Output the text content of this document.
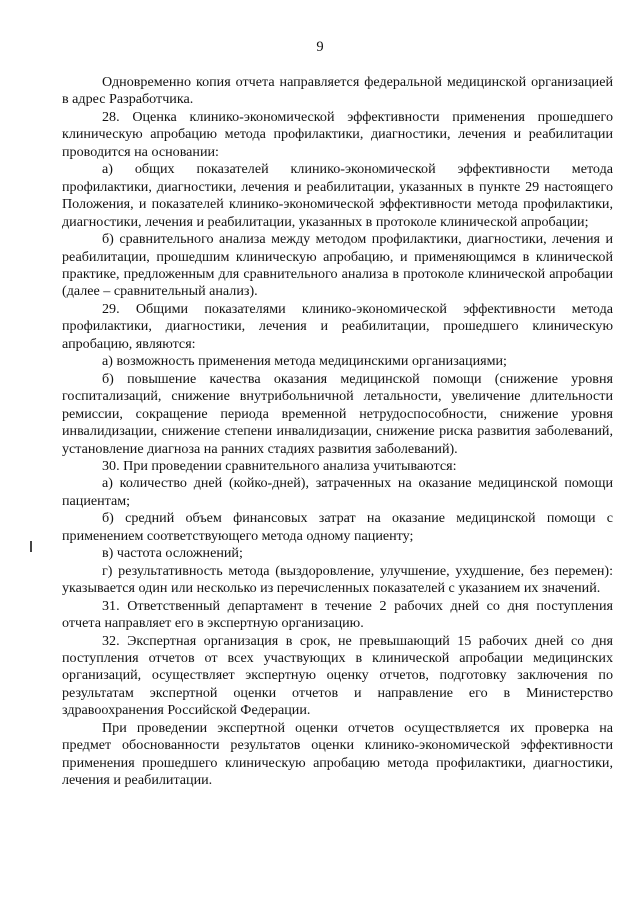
9

Одновременно копия отчета направляется федеральной медицинской организацией в адрес Разработчика.

28. Оценка клинико-экономической эффективности применения прошедшего клиническую апробацию метода профилактики, диагностики, лечения и реабилитации проводится на основании:

а) общих показателей клинико-экономической эффективности метода профилактики, диагностики, лечения и реабилитации, указанных в пункте 29 настоящего Положения, и показателей клинико-экономической эффективности метода профилактики, диагностики, лечения и реабилитации, указанных в протоколе клинической апробации;

б) сравнительного анализа между методом профилактики, диагностики, лечения и реабилитации, прошедшим клиническую апробацию, и применяющимся в клинической практике, предложенным для сравнительного анализа в протоколе клинической апробации (далее – сравнительный анализ).

29. Общими показателями клинико-экономической эффективности метода профилактики, диагностики, лечения и реабилитации, прошедшего клиническую апробацию, являются:

а) возможность применения метода медицинскими организациями;

б) повышение качества оказания медицинской помощи (снижение уровня госпитализаций, снижение внутрибольничной летальности, увеличение длительности ремиссии, сокращение периода временной нетрудоспособности, снижение уровня инвалидизации, снижение степени инвалидизации, снижение риска развития заболеваний, установление диагноза на ранних стадиях развития заболеваний).

30. При проведении сравнительного анализа учитываются:

а) количество дней (койко-дней), затраченных на оказание медицинской помощи пациентам;

б) средний объем финансовых затрат на оказание медицинской помощи с применением соответствующего метода одному пациенту;

в) частота осложнений;

г) результативность метода (выздоровление, улучшение, ухудшение, без перемен): указывается один или несколько из перечисленных показателей с указанием их значений.

31. Ответственный департамент в течение 2 рабочих дней со дня поступления отчета направляет его в экспертную организацию.

32. Экспертная организация в срок, не превышающий 15 рабочих дней со дня поступления отчетов от всех участвующих в клинической апробации медицинских организаций, осуществляет экспертную оценку отчетов, подготовку заключения по результатам экспертной оценки отчетов и направление его в Министерство здравоохранения Российской Федерации.

При проведении экспертной оценки отчетов осуществляется их проверка на предмет обоснованности результатов оценки клинико-экономической эффективности применения прошедшего клиническую апробацию метода профилактики, диагностики, лечения и реабилитации.
